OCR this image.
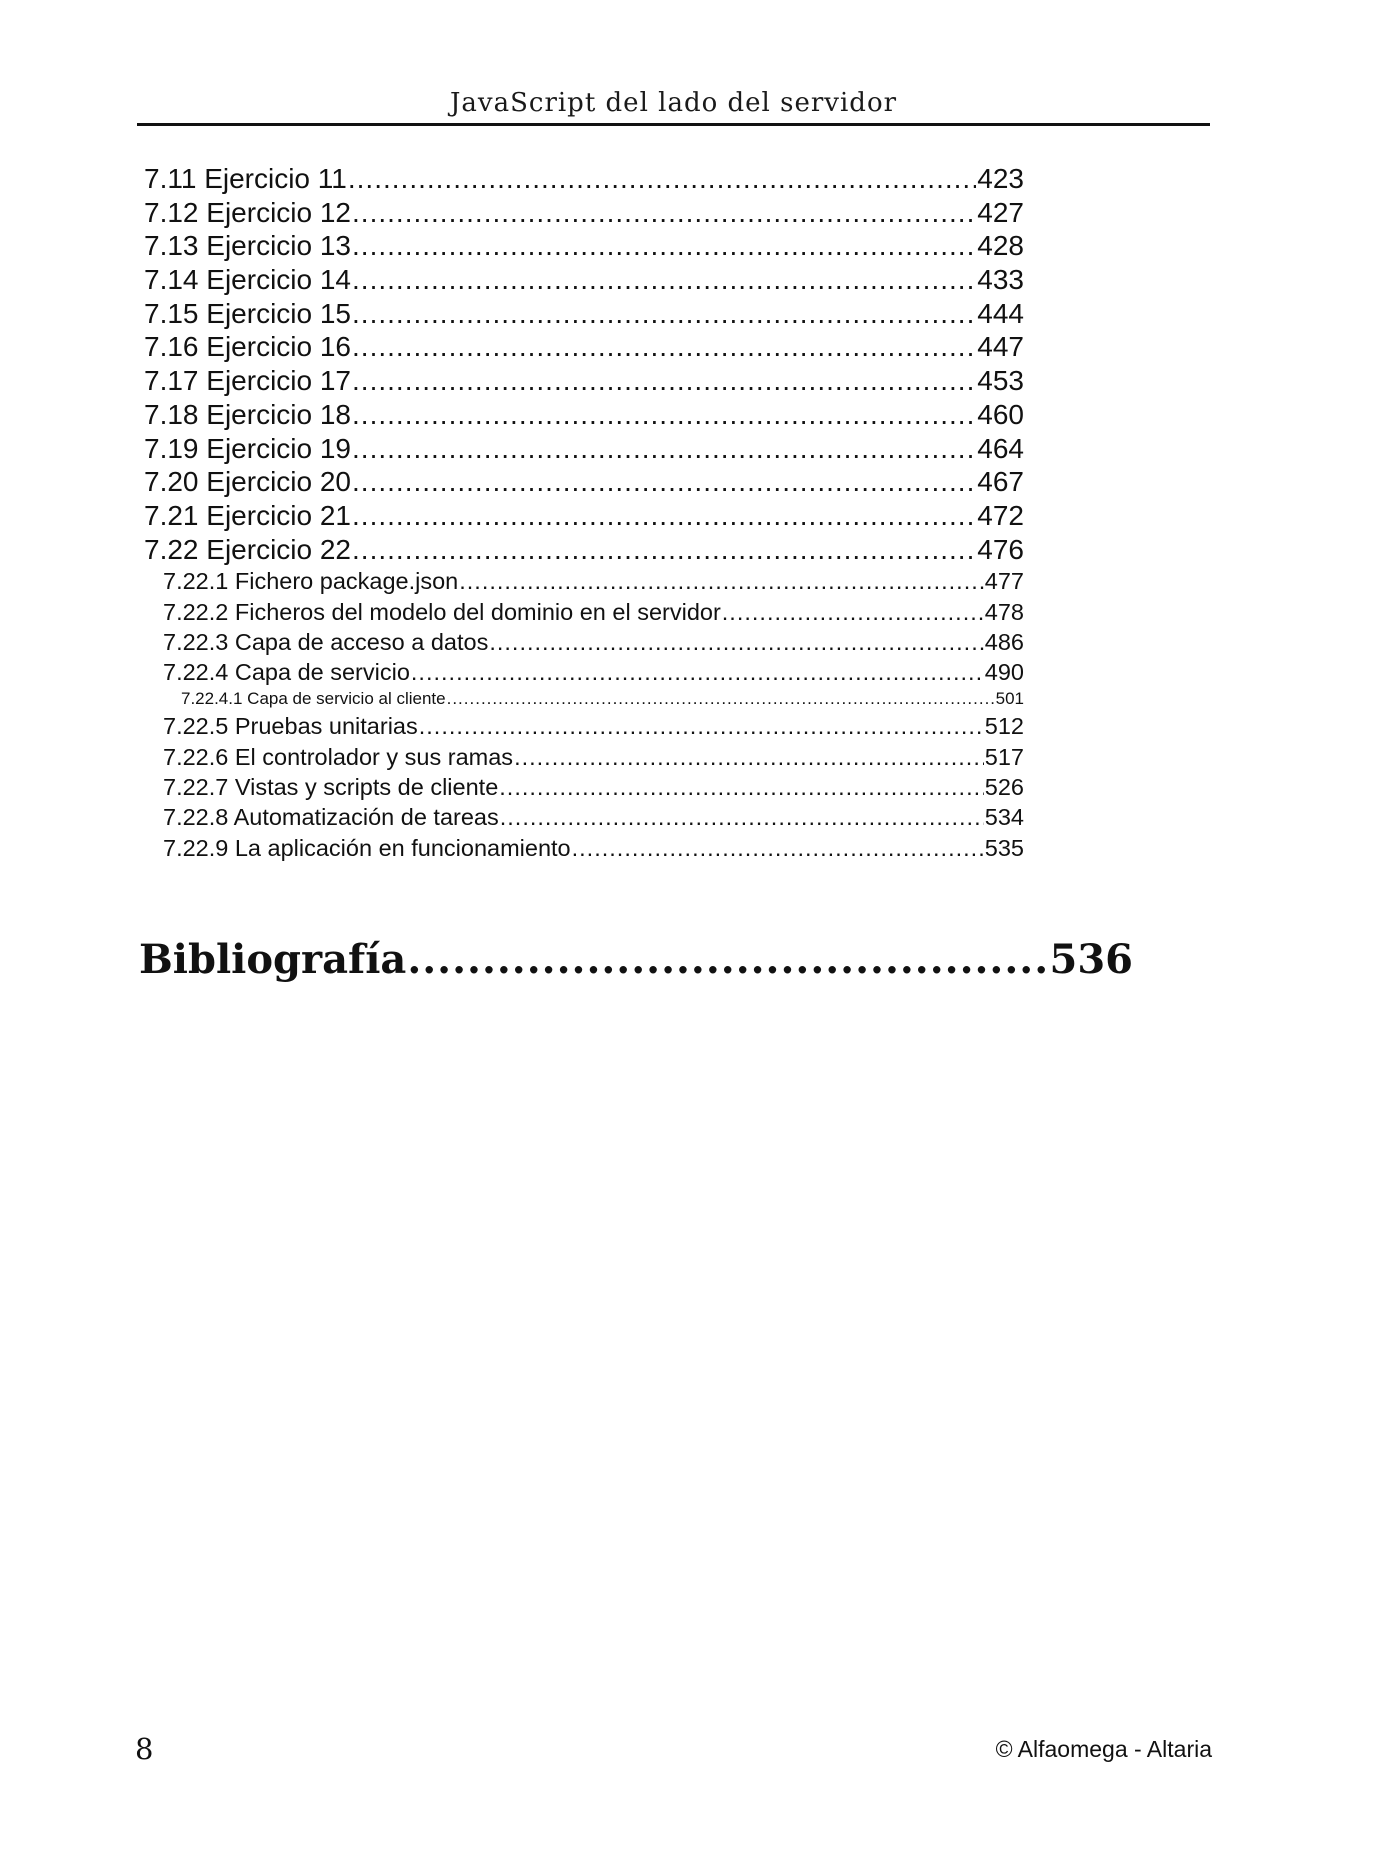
JavaScript del lado del servidor
7.11 Ejercicio 11 .....	423
7.12 Ejercicio 12 .....	427
7.13 Ejercicio 13 .....	428
7.14 Ejercicio 14 .....	433
7.15 Ejercicio 15 .....	444
7.16 Ejercicio 16 .....	447
7.17 Ejercicio 17 .....	453
7.18 Ejercicio 18 .....	460
7.19 Ejercicio 19 .....	464
7.20 Ejercicio 20 .....	467
7.21 Ejercicio 21 .....	472
7.22 Ejercicio 22 .....	476
7.22.1 Fichero package.json .....	477
7.22.2 Ficheros del modelo del dominio en el servidor .....	478
7.22.3 Capa de acceso a datos .....	486
7.22.4 Capa de servicio .....	490
7.22.4.1 Capa de servicio al cliente .....	501
7.22.5 Pruebas unitarias .....	512
7.22.6 El controlador y sus ramas .....	517
7.22.7 Vistas y scripts de cliente .....	526
7.22.8 Automatización de tareas .....	534
7.22.9 La aplicación en funcionamiento .....	535
Bibliografía .....	536
8	© Alfaomega - Altaria
